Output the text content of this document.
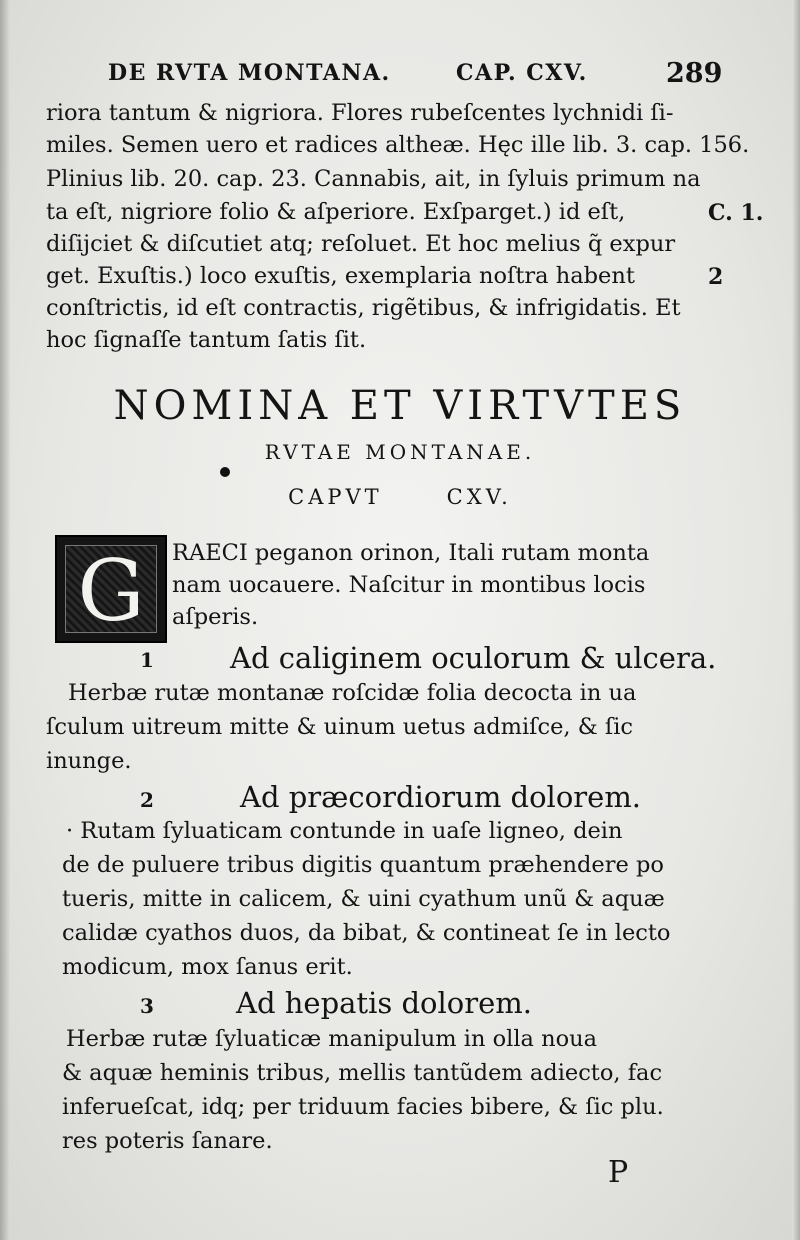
DE RVTA MONTANA.	CAP. CXV.	289
riora tantum & nigriora. Flores rubeſcentes lychnidi ſi-
miles. Semen uero et radices altheæ. Hęc ille lib. 3. cap. 156.
Plinius lib. 20. cap. 23. Cannabis, ait, in ſyluis primum na
ta eſt, nigriore folio & aſperiore. Exſparget.) id eſt,
diſijciet & diſcutiet atq; reſoluet. Et hoc melius q̃ expur
get. Exuſtis.) loco exuſtis, exemplaria noſtra habent
conſtrictis, id eſt contractis, rigẽtibus, & infrigidatis. Et
hoc ſignaſſe tantum ſatis ſit.
C. 1.
2
NOMINA ET VIRTVTES
RVTAE MONTANAE.
CAPVT	CXV.
G	RAECI peganon orinon, Itali rutam monta
nam uocauere. Naſcitur in montibus locis
aſperis.
1	Ad caliginem oculorum & ulcera.
Herbæ rutæ montanæ roſcidæ folia decocta in ua
ſculum uitreum mitte & uinum uetus admiſce, & ſic
inunge.
2	Ad præcordiorum dolorem.
· Rutam ſyluaticam contunde in uaſe ligneo, dein
de de puluere tribus digitis quantum præhendere po
tueris, mitte in calicem, & uini cyathum unũ & aquæ
calidæ cyathos duos, da bibat, & contineat ſe in lecto
modicum, mox ſanus erit.
3	Ad hepatis dolorem.
Herbæ rutæ ſyluaticæ manipulum in olla noua
& aquæ heminis tribus, mellis tantũdem adiecto, fac
inferueſcat, idq; per triduum facies bibere, & ſic plu.
res poteris ſanare.
P
